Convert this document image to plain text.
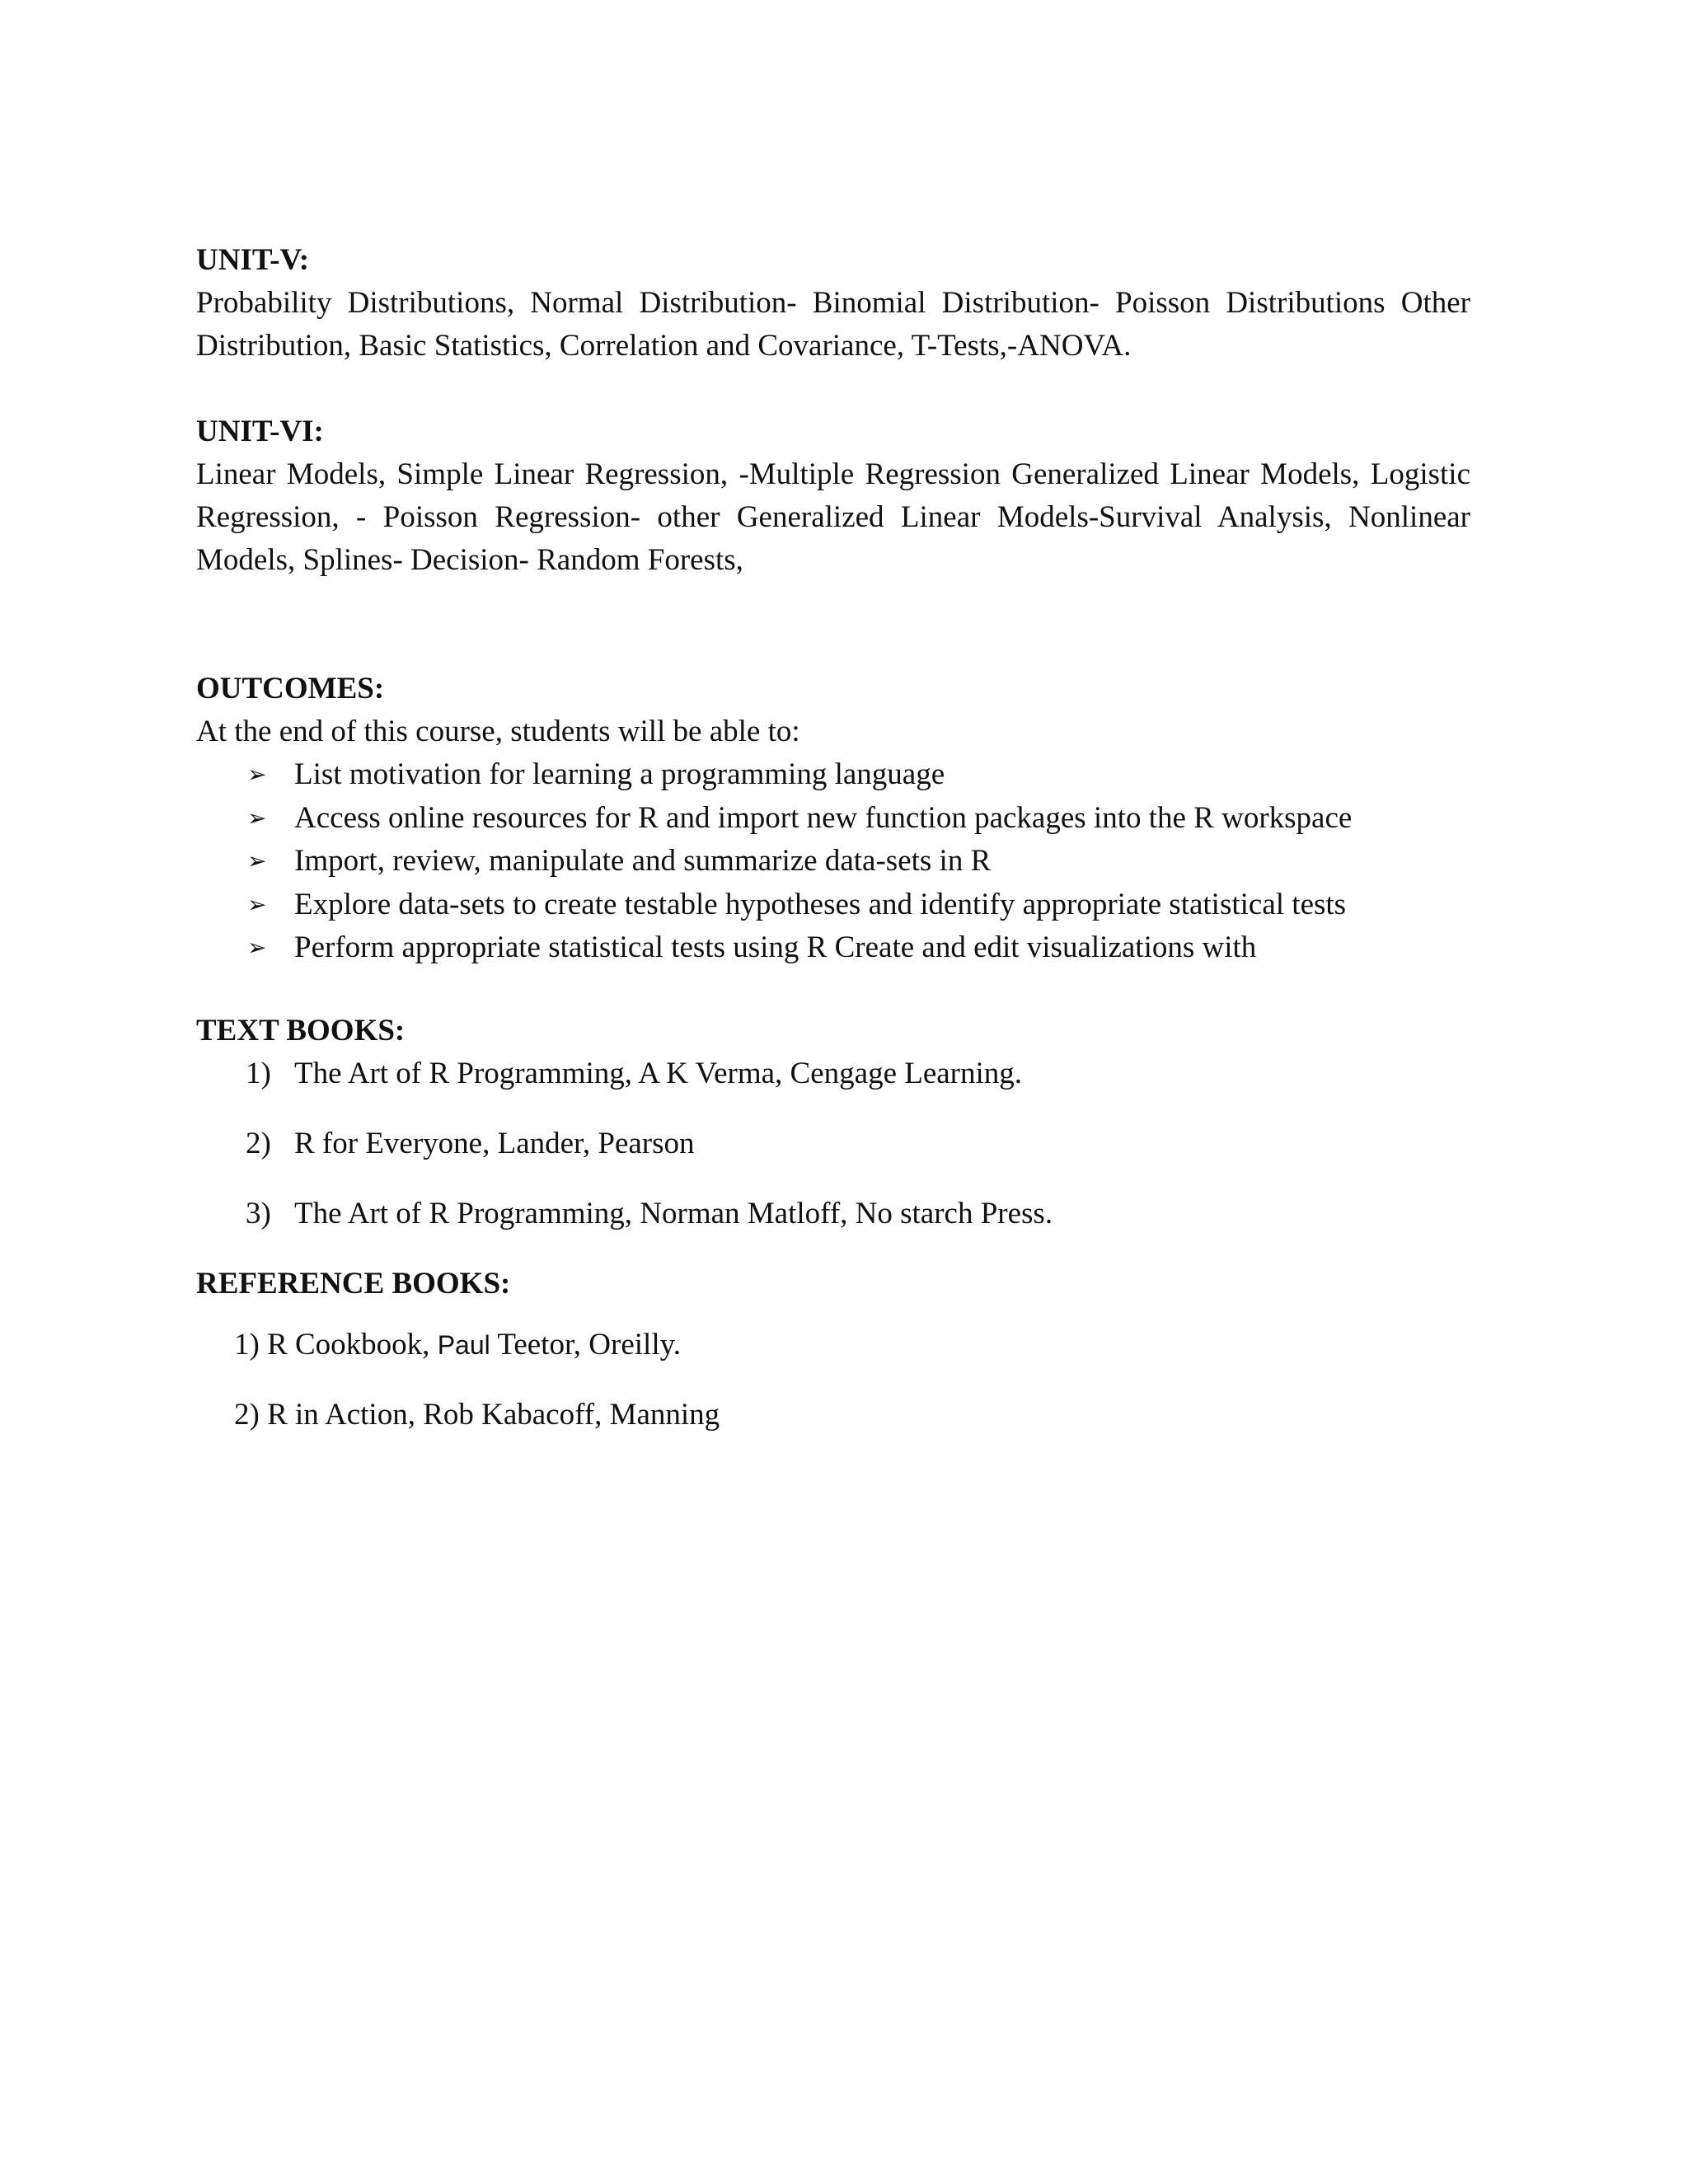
UNIT-V:

Probability Distributions, Normal Distribution- Binomial Distribution- Poisson Distributions Other Distribution, Basic Statistics, Correlation and Covariance, T-Tests,-ANOVA.

UNIT-VI:

Linear Models, Simple Linear Regression, -Multiple Regression Generalized Linear Models, Logistic Regression, - Poisson Regression- other Generalized Linear Models-Survival Analysis, Nonlinear Models, Splines- Decision- Random Forests,

OUTCOMES:

At the end of this course, students will be able to:

➢ List motivation for learning a programming language
➢ Access online resources for R and import new function packages into the R workspace
➢ Import, review, manipulate and summarize data-sets in R
➢ Explore data-sets to create testable hypotheses and identify appropriate statistical tests
➢ Perform appropriate statistical tests using R Create and edit visualizations with

TEXT BOOKS:

1) The Art of R Programming, A K Verma, Cengage Learning.
2) R for Everyone, Lander, Pearson
3) The Art of R Programming, Norman Matloff, No starch Press.

REFERENCE BOOKS:

1) R Cookbook, Paul Teetor, Oreilly.
2) R in Action, Rob Kabacoff, Manning
